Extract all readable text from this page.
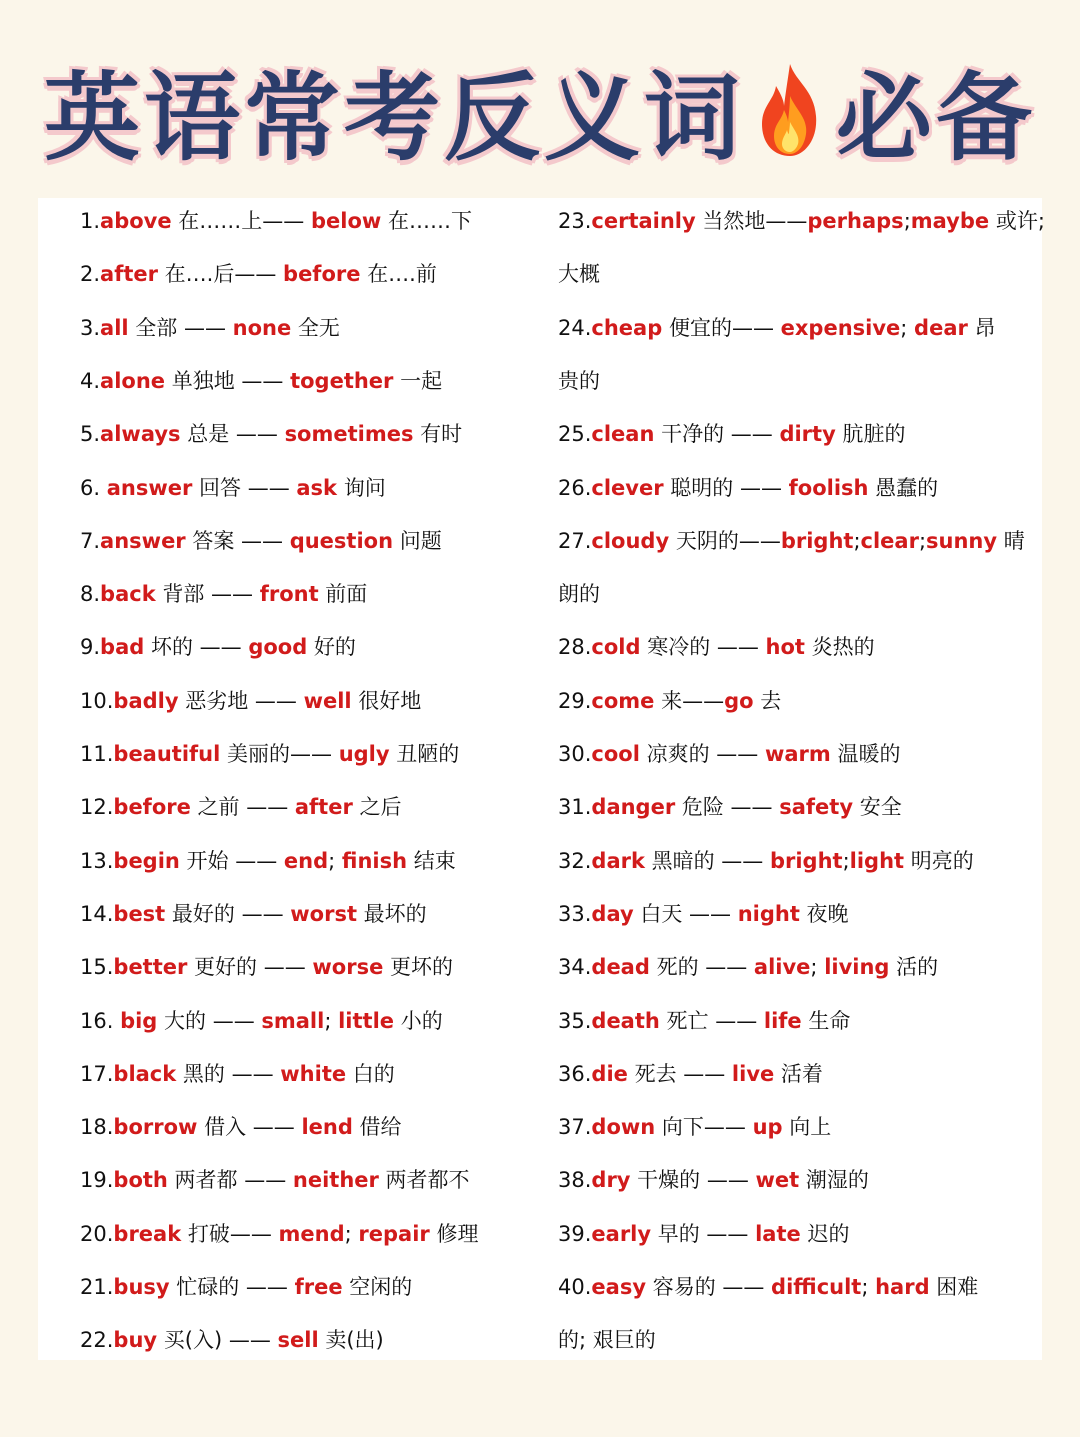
英语常考反义词 必备
1.above 在……上—— below 在……下
2.after 在….后—— before 在….前
3.all 全部 —— none 全无
4.alone 单独地 —— together 一起
5.always 总是 —— sometimes 有时
6. answer 回答 —— ask 询问
7.answer 答案 —— question 问题
8.back 背部 —— front 前面
9.bad 坏的 —— good 好的
10.badly 恶劣地 —— well 很好地
11.beautiful 美丽的—— ugly 丑陋的
12.before 之前 —— after 之后
13.begin 开始 —— end; finish 结束
14.best 最好的 —— worst 最坏的
15.better 更好的 —— worse 更坏的
16. big 大的 —— small; little 小的
17.black 黑的 —— white 白的
18.borrow 借入 —— lend 借给
19.both 两者都 —— neither 两者都不
20.break 打破—— mend; repair 修理
21.busy 忙碌的 —— free 空闲的
22.buy 买(入) —— sell 卖(出)
23.certainly 当然地——perhaps;maybe 或许;
大概
24.cheap 便宜的—— expensive; dear 昂
贵的
25.clean 干净的 —— dirty 肮脏的
26.clever 聪明的 —— foolish 愚蠢的
27.cloudy 天阴的——bright;clear;sunny 晴
朗的
28.cold 寒冷的 —— hot 炎热的
29.come 来——go 去
30.cool 凉爽的 —— warm 温暖的
31.danger 危险 —— safety 安全
32.dark 黑暗的 —— bright;light 明亮的
33.day 白天 —— night 夜晚
34.dead 死的 —— alive; living 活的
35.death 死亡 —— life 生命
36.die 死去 —— live 活着
37.down 向下—— up 向上
38.dry 干燥的 —— wet 潮湿的
39.early 早的 —— late 迟的
40.easy 容易的 —— difficult; hard 困难
的; 艰巨的
